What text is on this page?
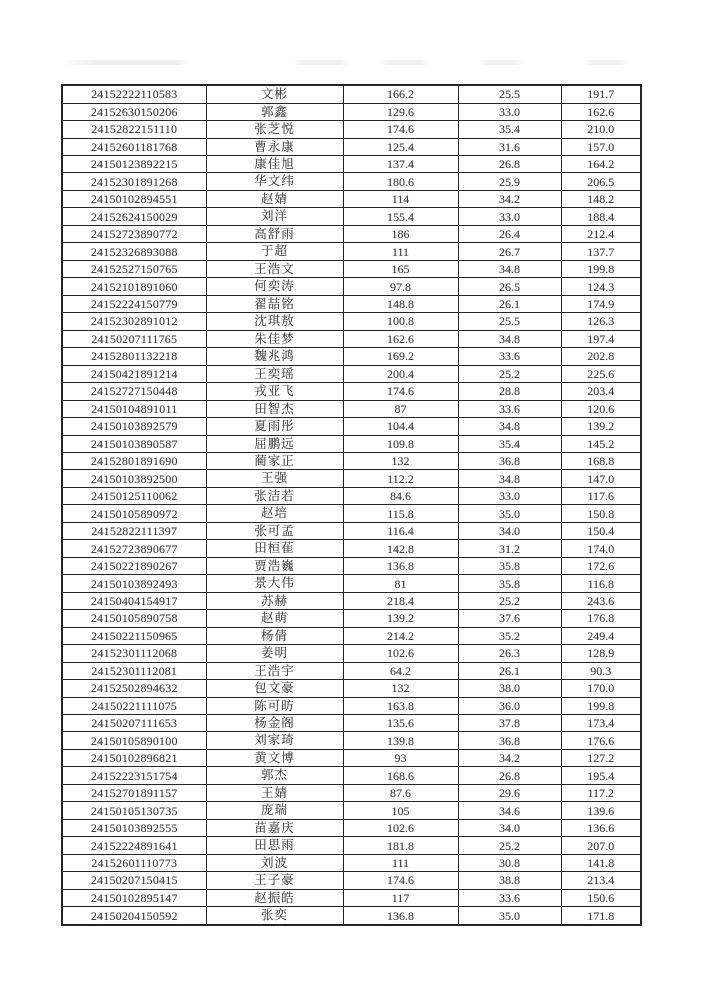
24152222110583	文彬	166.2	25.5	191.7
24152630150206	郭鑫	129.6	33.0	162.6
24152822151110	张芝悦	174.6	35.4	210.0
24152601181768	曹永康	125.4	31.6	157.0
24150123892215	康佳旭	137.4	26.8	164.2
24152301891268	华文纬	180.6	25.9	206.5
24150102894551	赵婧	114	34.2	148.2
24152624150029	刘洋	155.4	33.0	188.4
24152723890772	高舒雨	186	26.4	212.4
24152326893088	于超	111	26.7	137.7
24152527150765	王浩文	165	34.8	199.8
24152101891060	何奕涛	97.8	26.5	124.3
24152224150779	翟喆铭	148.8	26.1	174.9
24152302891012	沈琪敖	100.8	25.5	126.3
24150207111765	朱佳梦	162.6	34.8	197.4
24152801132218	魏兆鸿	169.2	33.6	202.8
24150421891214	王奕瑶	200.4	25.2	225.6
24152727150448	戎亚飞	174.6	28.8	203.4
24150104891011	田智杰	87	33.6	120.6
24150103892579	夏雨彤	104.4	34.8	139.2
24150103890587	屈鹏远	109.8	35.4	145.2
24152801891690	蔺家正	132	36.8	168.8
24150103892500	王强	112.2	34.8	147.0
24150125110062	张洁若	84.6	33.0	117.6
24150105890972	赵培	115.8	35.0	150.8
24152822111397	张可孟	116.4	34.0	150.4
24152723890677	田桓萑	142.8	31.2	174.0
24150221890267	贾浩巍	136.8	35.8	172.6
24150103892493	景大伟	81	35.8	116.8
24150404154917	苏赫	218.4	25.2	243.6
24150105890758	赵萌	139.2	37.6	176.8
24150221150965	杨倩	214.2	35.2	249.4
24152301112068	姜明	102.6	26.3	128.9
24152301112081	王浩宇	64.2	26.1	90.3
24152502894632	包文豪	132	38.0	170.0
24150221111075	陈可昉	163.8	36.0	199.8
24150207111653	杨金阁	135.6	37.8	173.4
24150105890100	刘家琦	139.8	36.8	176.6
24150102896821	黄文博	93	34.2	127.2
24152223151754	郭杰	168.6	26.8	195.4
24152701891157	王婧	87.6	29.6	117.2
24150105130735	庞瑞	105	34.6	139.6
24150103892555	苗嘉庆	102.6	34.0	136.6
24152224891641	田思雨	181.8	25.2	207.0
24152601110773	刘波	111	30.8	141.8
24150207150415	王子豪	174.6	38.8	213.4
24150102895147	赵振皓	117	33.6	150.6
24150204150592	张奕	136.8	35.0	171.8
